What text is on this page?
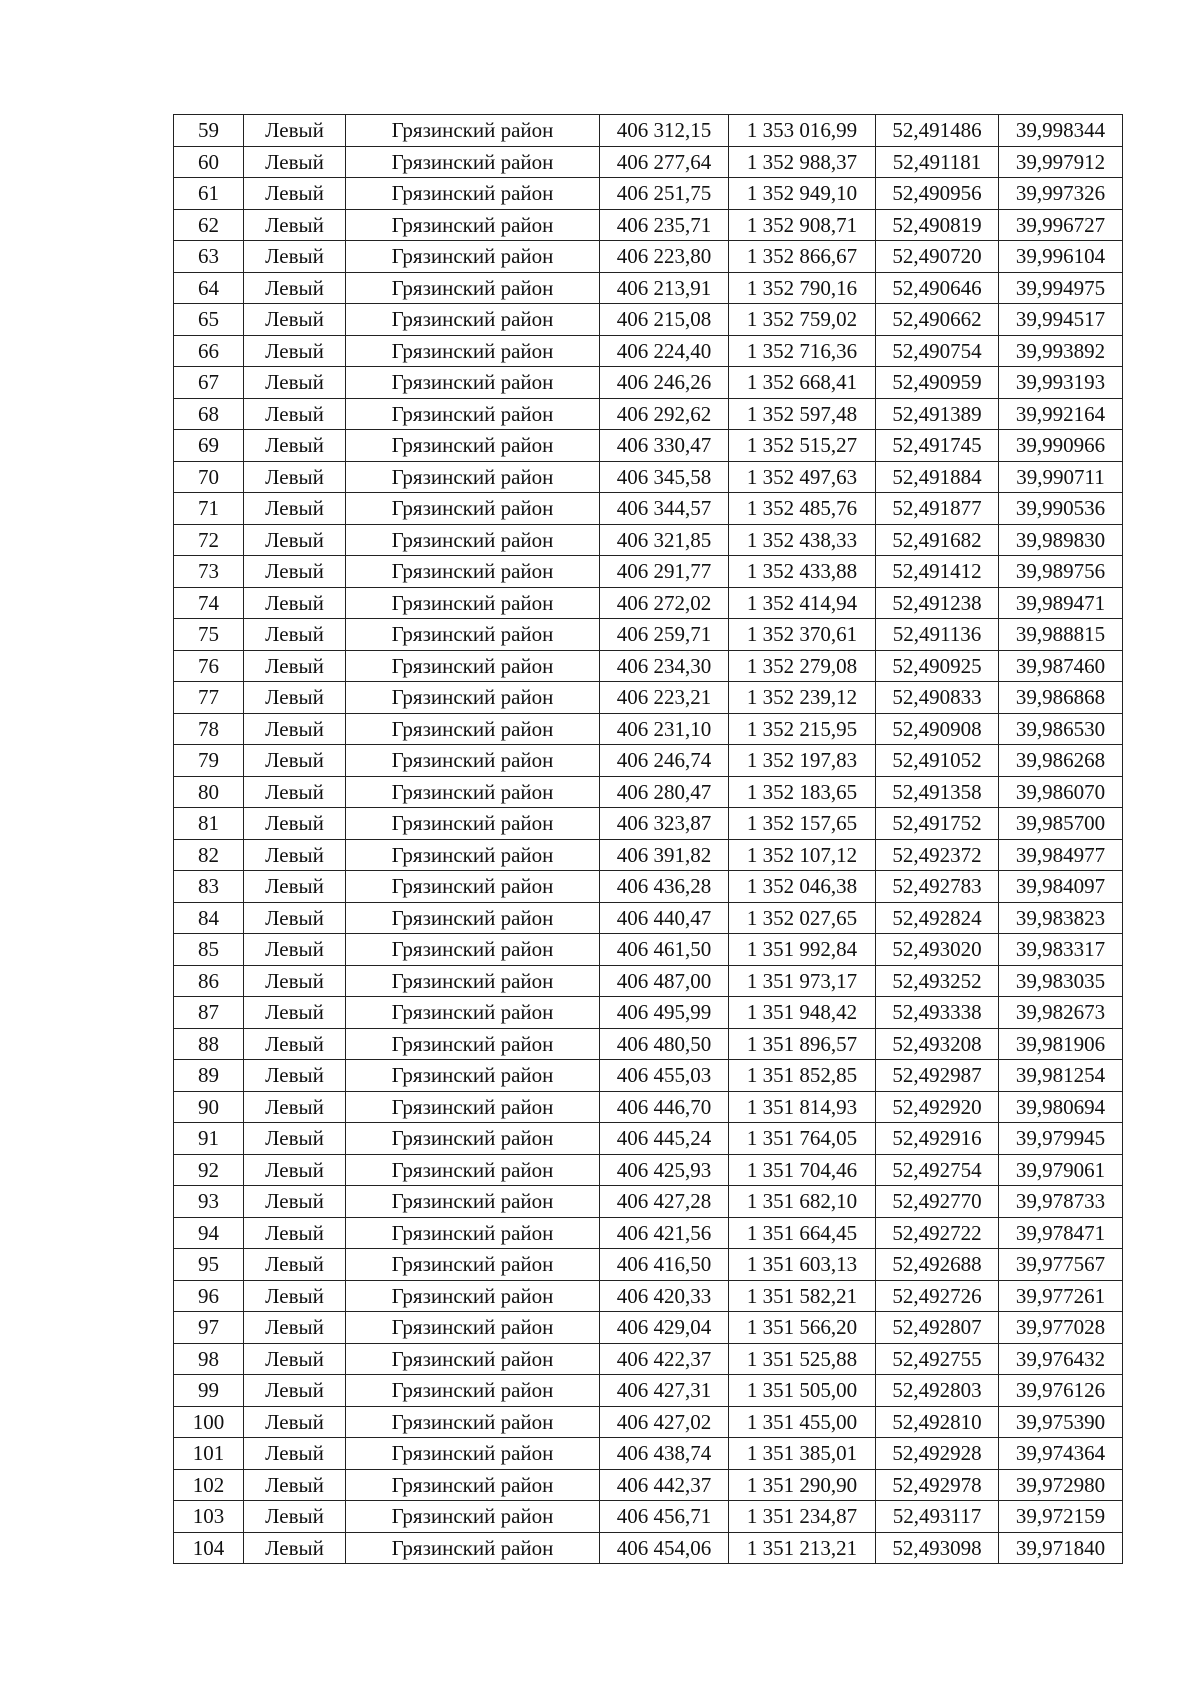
59	Левый	Грязинский район	406 312,15	1 353 016,99	52,491486	39,998344
60	Левый	Грязинский район	406 277,64	1 352 988,37	52,491181	39,997912
61	Левый	Грязинский район	406 251,75	1 352 949,10	52,490956	39,997326
62	Левый	Грязинский район	406 235,71	1 352 908,71	52,490819	39,996727
63	Левый	Грязинский район	406 223,80	1 352 866,67	52,490720	39,996104
64	Левый	Грязинский район	406 213,91	1 352 790,16	52,490646	39,994975
65	Левый	Грязинский район	406 215,08	1 352 759,02	52,490662	39,994517
66	Левый	Грязинский район	406 224,40	1 352 716,36	52,490754	39,993892
67	Левый	Грязинский район	406 246,26	1 352 668,41	52,490959	39,993193
68	Левый	Грязинский район	406 292,62	1 352 597,48	52,491389	39,992164
69	Левый	Грязинский район	406 330,47	1 352 515,27	52,491745	39,990966
70	Левый	Грязинский район	406 345,58	1 352 497,63	52,491884	39,990711
71	Левый	Грязинский район	406 344,57	1 352 485,76	52,491877	39,990536
72	Левый	Грязинский район	406 321,85	1 352 438,33	52,491682	39,989830
73	Левый	Грязинский район	406 291,77	1 352 433,88	52,491412	39,989756
74	Левый	Грязинский район	406 272,02	1 352 414,94	52,491238	39,989471
75	Левый	Грязинский район	406 259,71	1 352 370,61	52,491136	39,988815
76	Левый	Грязинский район	406 234,30	1 352 279,08	52,490925	39,987460
77	Левый	Грязинский район	406 223,21	1 352 239,12	52,490833	39,986868
78	Левый	Грязинский район	406 231,10	1 352 215,95	52,490908	39,986530
79	Левый	Грязинский район	406 246,74	1 352 197,83	52,491052	39,986268
80	Левый	Грязинский район	406 280,47	1 352 183,65	52,491358	39,986070
81	Левый	Грязинский район	406 323,87	1 352 157,65	52,491752	39,985700
82	Левый	Грязинский район	406 391,82	1 352 107,12	52,492372	39,984977
83	Левый	Грязинский район	406 436,28	1 352 046,38	52,492783	39,984097
84	Левый	Грязинский район	406 440,47	1 352 027,65	52,492824	39,983823
85	Левый	Грязинский район	406 461,50	1 351 992,84	52,493020	39,983317
86	Левый	Грязинский район	406 487,00	1 351 973,17	52,493252	39,983035
87	Левый	Грязинский район	406 495,99	1 351 948,42	52,493338	39,982673
88	Левый	Грязинский район	406 480,50	1 351 896,57	52,493208	39,981906
89	Левый	Грязинский район	406 455,03	1 351 852,85	52,492987	39,981254
90	Левый	Грязинский район	406 446,70	1 351 814,93	52,492920	39,980694
91	Левый	Грязинский район	406 445,24	1 351 764,05	52,492916	39,979945
92	Левый	Грязинский район	406 425,93	1 351 704,46	52,492754	39,979061
93	Левый	Грязинский район	406 427,28	1 351 682,10	52,492770	39,978733
94	Левый	Грязинский район	406 421,56	1 351 664,45	52,492722	39,978471
95	Левый	Грязинский район	406 416,50	1 351 603,13	52,492688	39,977567
96	Левый	Грязинский район	406 420,33	1 351 582,21	52,492726	39,977261
97	Левый	Грязинский район	406 429,04	1 351 566,20	52,492807	39,977028
98	Левый	Грязинский район	406 422,37	1 351 525,88	52,492755	39,976432
99	Левый	Грязинский район	406 427,31	1 351 505,00	52,492803	39,976126
100	Левый	Грязинский район	406 427,02	1 351 455,00	52,492810	39,975390
101	Левый	Грязинский район	406 438,74	1 351 385,01	52,492928	39,974364
102	Левый	Грязинский район	406 442,37	1 351 290,90	52,492978	39,972980
103	Левый	Грязинский район	406 456,71	1 351 234,87	52,493117	39,972159
104	Левый	Грязинский район	406 454,06	1 351 213,21	52,493098	39,971840
